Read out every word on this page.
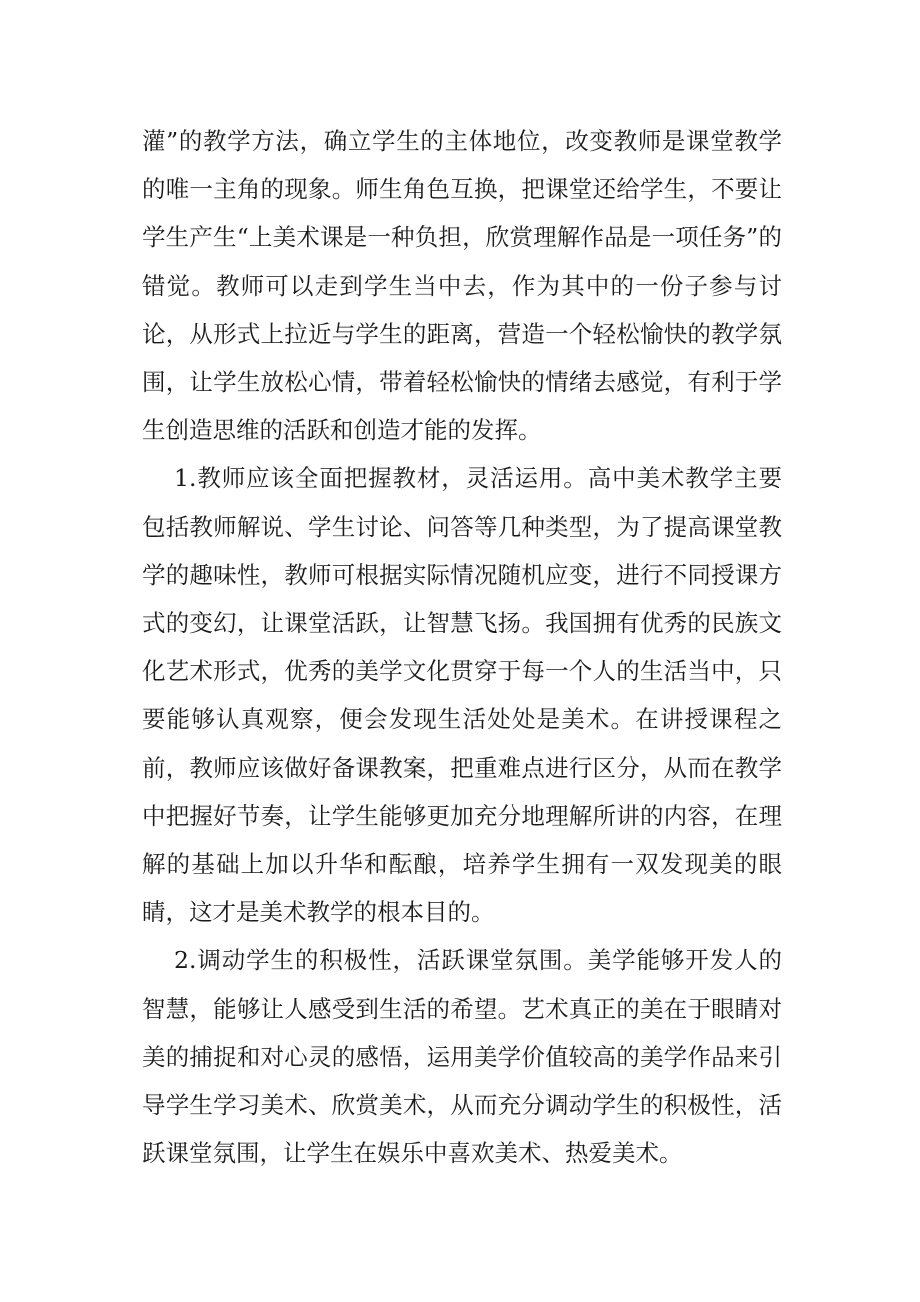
灌”的教学方法，确立学生的主体地位，改变教师是课堂教学的唯一主角的现象。师生角色互换，把课堂还给学生，不要让学生产生“上美术课是一种负担，欣赏理解作品是一项任务”的错觉。教师可以走到学生当中去，作为其中的一份子参与讨论，从形式上拉近与学生的距离，营造一个轻松愉快的教学氛围，让学生放松心情，带着轻松愉快的情绪去感觉，有利于学生创造思维的活跃和创造才能的发挥。

1.教师应该全面把握教材，灵活运用。高中美术教学主要包括教师解说、学生讨论、问答等几种类型，为了提高课堂教学的趣味性，教师可根据实际情况随机应变，进行不同授课方式的变幻，让课堂活跃，让智慧飞扬。我国拥有优秀的民族文化艺术形式，优秀的美学文化贯穿于每一个人的生活当中，只要能够认真观察，便会发现生活处处是美术。在讲授课程之前，教师应该做好备课教案，把重难点进行区分，从而在教学中把握好节奏，让学生能够更加充分地理解所讲的内容，在理解的基础上加以升华和酝酿，培养学生拥有一双发现美的眼睛，这才是美术教学的根本目的。

2.调动学生的积极性，活跃课堂氛围。美学能够开发人的智慧，能够让人感受到生活的希望。艺术真正的美在于眼睛对美的捕捉和对心灵的感悟，运用美学价值较高的美学作品来引导学生学习美术、欣赏美术，从而充分调动学生的积极性，活跃课堂氛围，让学生在娱乐中喜欢美术、热爱美术。
